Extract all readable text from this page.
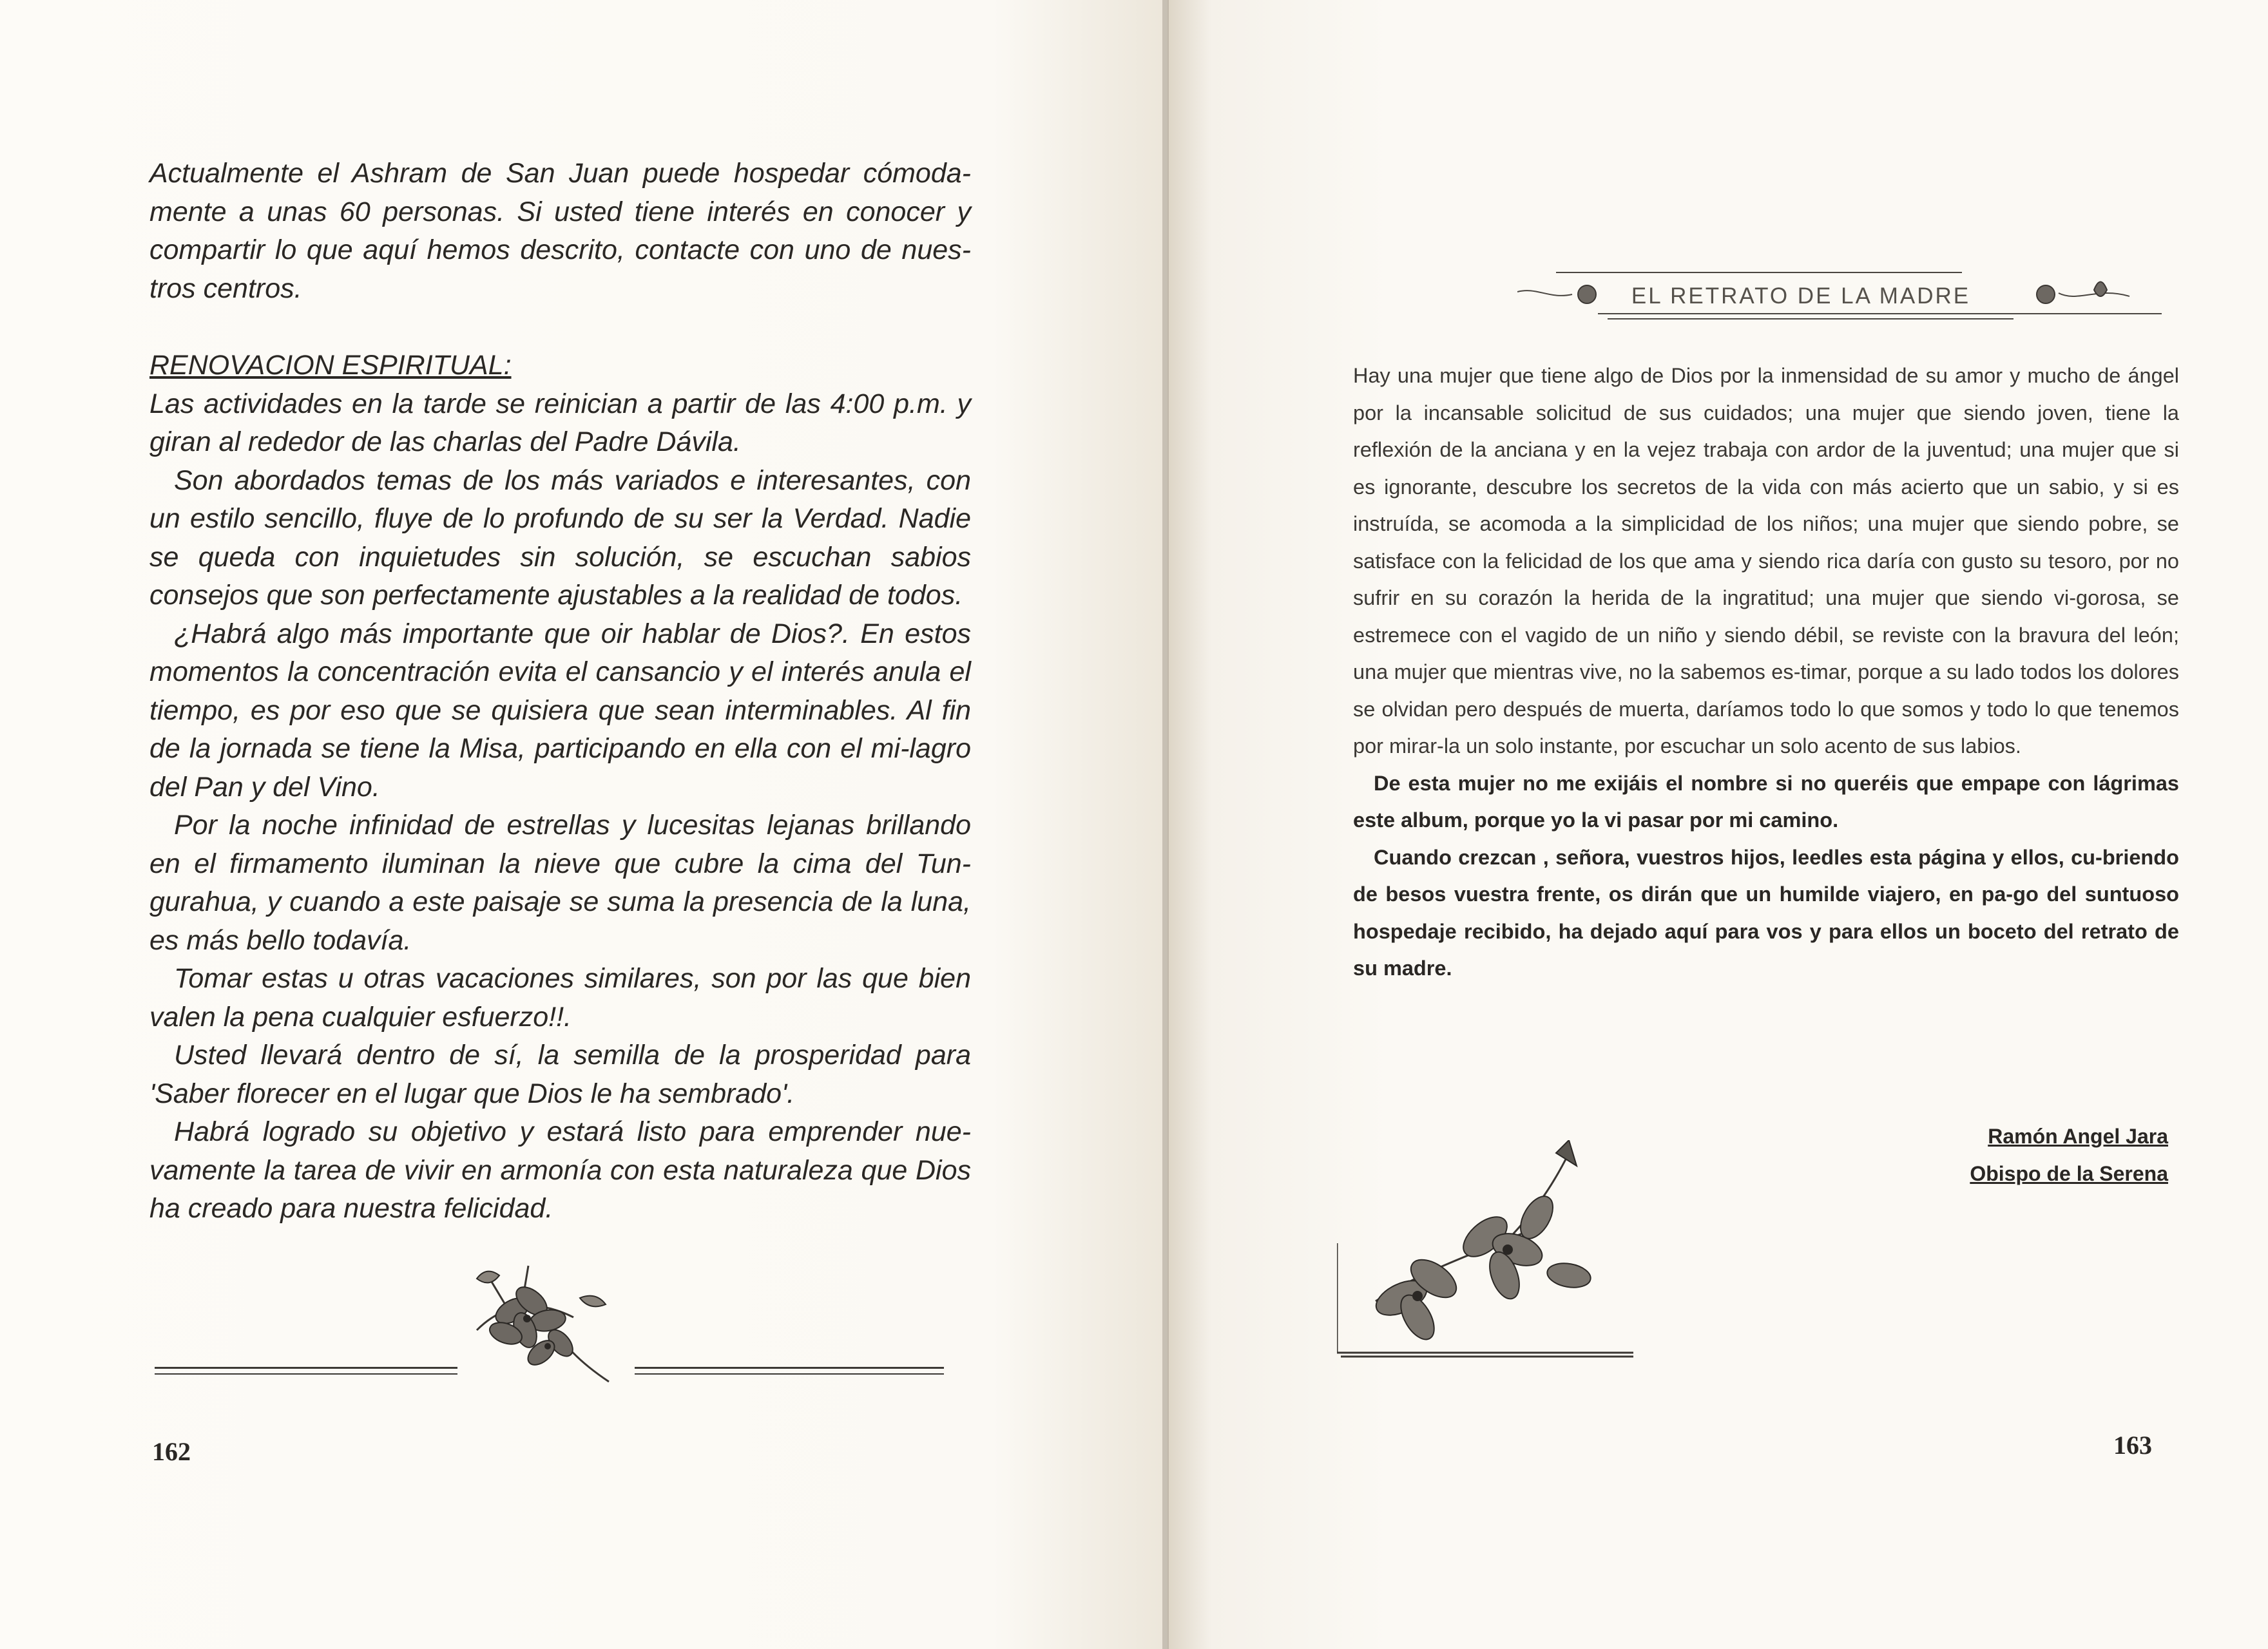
Actualmente el Ashram de San Juan puede hospedar cómoda-mente a unas 60 personas. Si usted tiene interés en conocer y compartir lo que aquí hemos descrito, contacte con uno de nues-tros centros.

RENOVACION ESPIRITUAL:

Las actividades en la tarde se reinician a partir de las 4:00 p.m. y giran al rededor de las charlas del Padre Dávila.

Son abordados temas de los más variados e interesantes, con un estilo sencillo, fluye de lo profundo de su ser la Verdad. Nadie se queda con inquietudes sin solución, se escuchan sabios consejos que son perfectamente ajustables a la realidad de todos.

¿Habrá algo más importante que oir hablar de Dios?. En estos momentos la concentración evita el cansancio y el interés anula el tiempo, es por eso que se quisiera que sean interminables. Al fin de la jornada se tiene la Misa, participando en ella con el mi-lagro del Pan y del Vino.

Por la noche infinidad de estrellas y lucesitas lejanas brillando en el firmamento iluminan la nieve que cubre la cima del Tun-gurahua, y cuando a este paisaje se suma la presencia de la luna, es más bello todavía.

Tomar estas u otras vacaciones similares, son por las que bien valen la pena cualquier esfuerzo!!.

Usted llevará dentro de sí, la semilla de la prosperidad para 'Saber florecer en el lugar que Dios le ha sembrado'.

Habrá logrado su objetivo y estará listo para emprender nue-vamente la tarea de vivir en armonía con esta naturaleza que Dios ha creado para nuestra felicidad.

162
EL RETRATO DE LA MADRE

Hay una mujer que tiene algo de Dios por la inmensidad de su amor y mucho de ángel por la incansable solicitud de sus cuidados; una mujer que siendo joven, tiene la reflexión de la anciana y en la vejez trabaja con ardor de la juventud; una mujer que si es ignorante, descubre los secretos de la vida con más acierto que un sabio, y si es instruída, se acomoda a la simplicidad de los niños; una mujer que siendo pobre, se satisface con la felicidad de los que ama y siendo rica daría con gusto su tesoro, por no sufrir en su corazón la herida de la ingratitud; una mujer que siendo vi-gorosa, se estremece con el vagido de un niño y siendo débil, se reviste con la bravura del león; una mujer que mientras vive, no la sabemos es-timar, porque a su lado todos los dolores se olvidan pero después de muerta, daríamos todo lo que somos y todo lo que tenemos por mirar-la un solo instante, por escuchar un solo acento de sus labios.

De esta mujer no me exijáis el nombre si no queréis que empape con lágrimas este album, porque yo la vi pasar por mi camino.

Cuando crezcan , señora, vuestros hijos, leedles esta página y ellos, cu-briendo de besos vuestra frente, os dirán que un humilde viajero, en pa-go del suntuoso hospedaje recibido, ha dejado aquí para vos y para ellos un boceto del retrato de su madre.

Ramón Angel Jara
Obispo de la Serena
163
